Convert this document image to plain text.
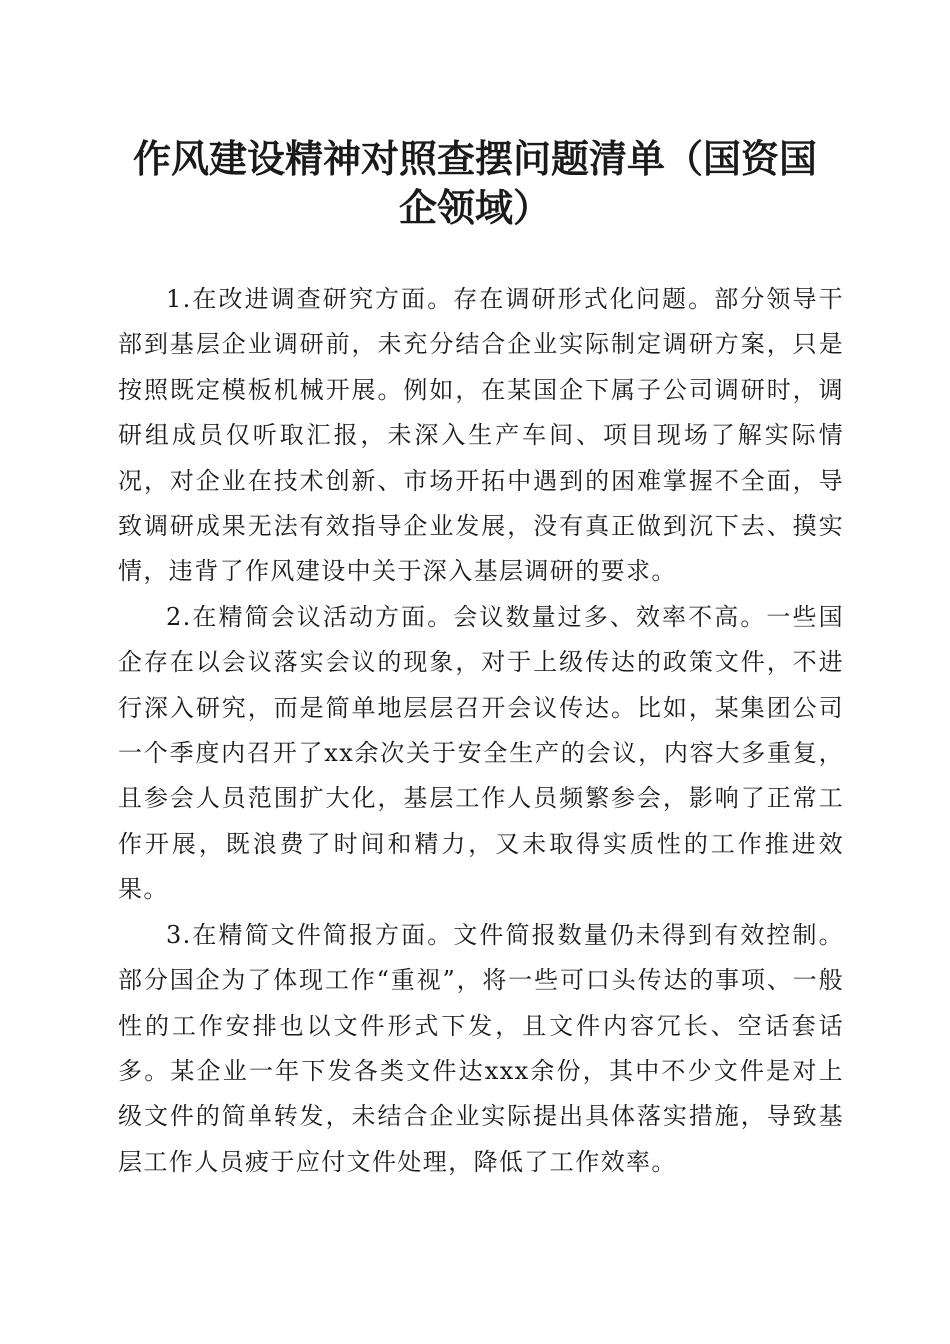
作风建设精神对照查摆问题清单（国资国企领域）

1.在改进调查研究方面。存在调研形式化问题。部分领导干部到基层企业调研前，未充分结合企业实际制定调研方案，只是按照既定模板机械开展。例如，在某国企下属子公司调研时，调研组成员仅听取汇报，未深入生产车间、项目现场了解实际情况，对企业在技术创新、市场开拓中遇到的困难掌握不全面，导致调研成果无法有效指导企业发展，没有真正做到沉下去、摸实情，违背了作风建设中关于深入基层调研的要求。

2.在精简会议活动方面。会议数量过多、效率不高。一些国企存在以会议落实会议的现象，对于上级传达的政策文件，不进行深入研究，而是简单地层层召开会议传达。比如，某集团公司一个季度内召开了xx余次关于安全生产的会议，内容大多重复，且参会人员范围扩大化，基层工作人员频繁参会，影响了正常工作开展，既浪费了时间和精力，又未取得实质性的工作推进效果。

3.在精简文件简报方面。文件简报数量仍未得到有效控制。部分国企为了体现工作“重视”，将一些可口头传达的事项、一般性的工作安排也以文件形式下发，且文件内容冗长、空话套话多。某企业一年下发各类文件达xxx余份，其中不少文件是对上级文件的简单转发，未结合企业实际提出具体落实措施，导致基层工作人员疲于应付文件处理，降低了工作效率。
